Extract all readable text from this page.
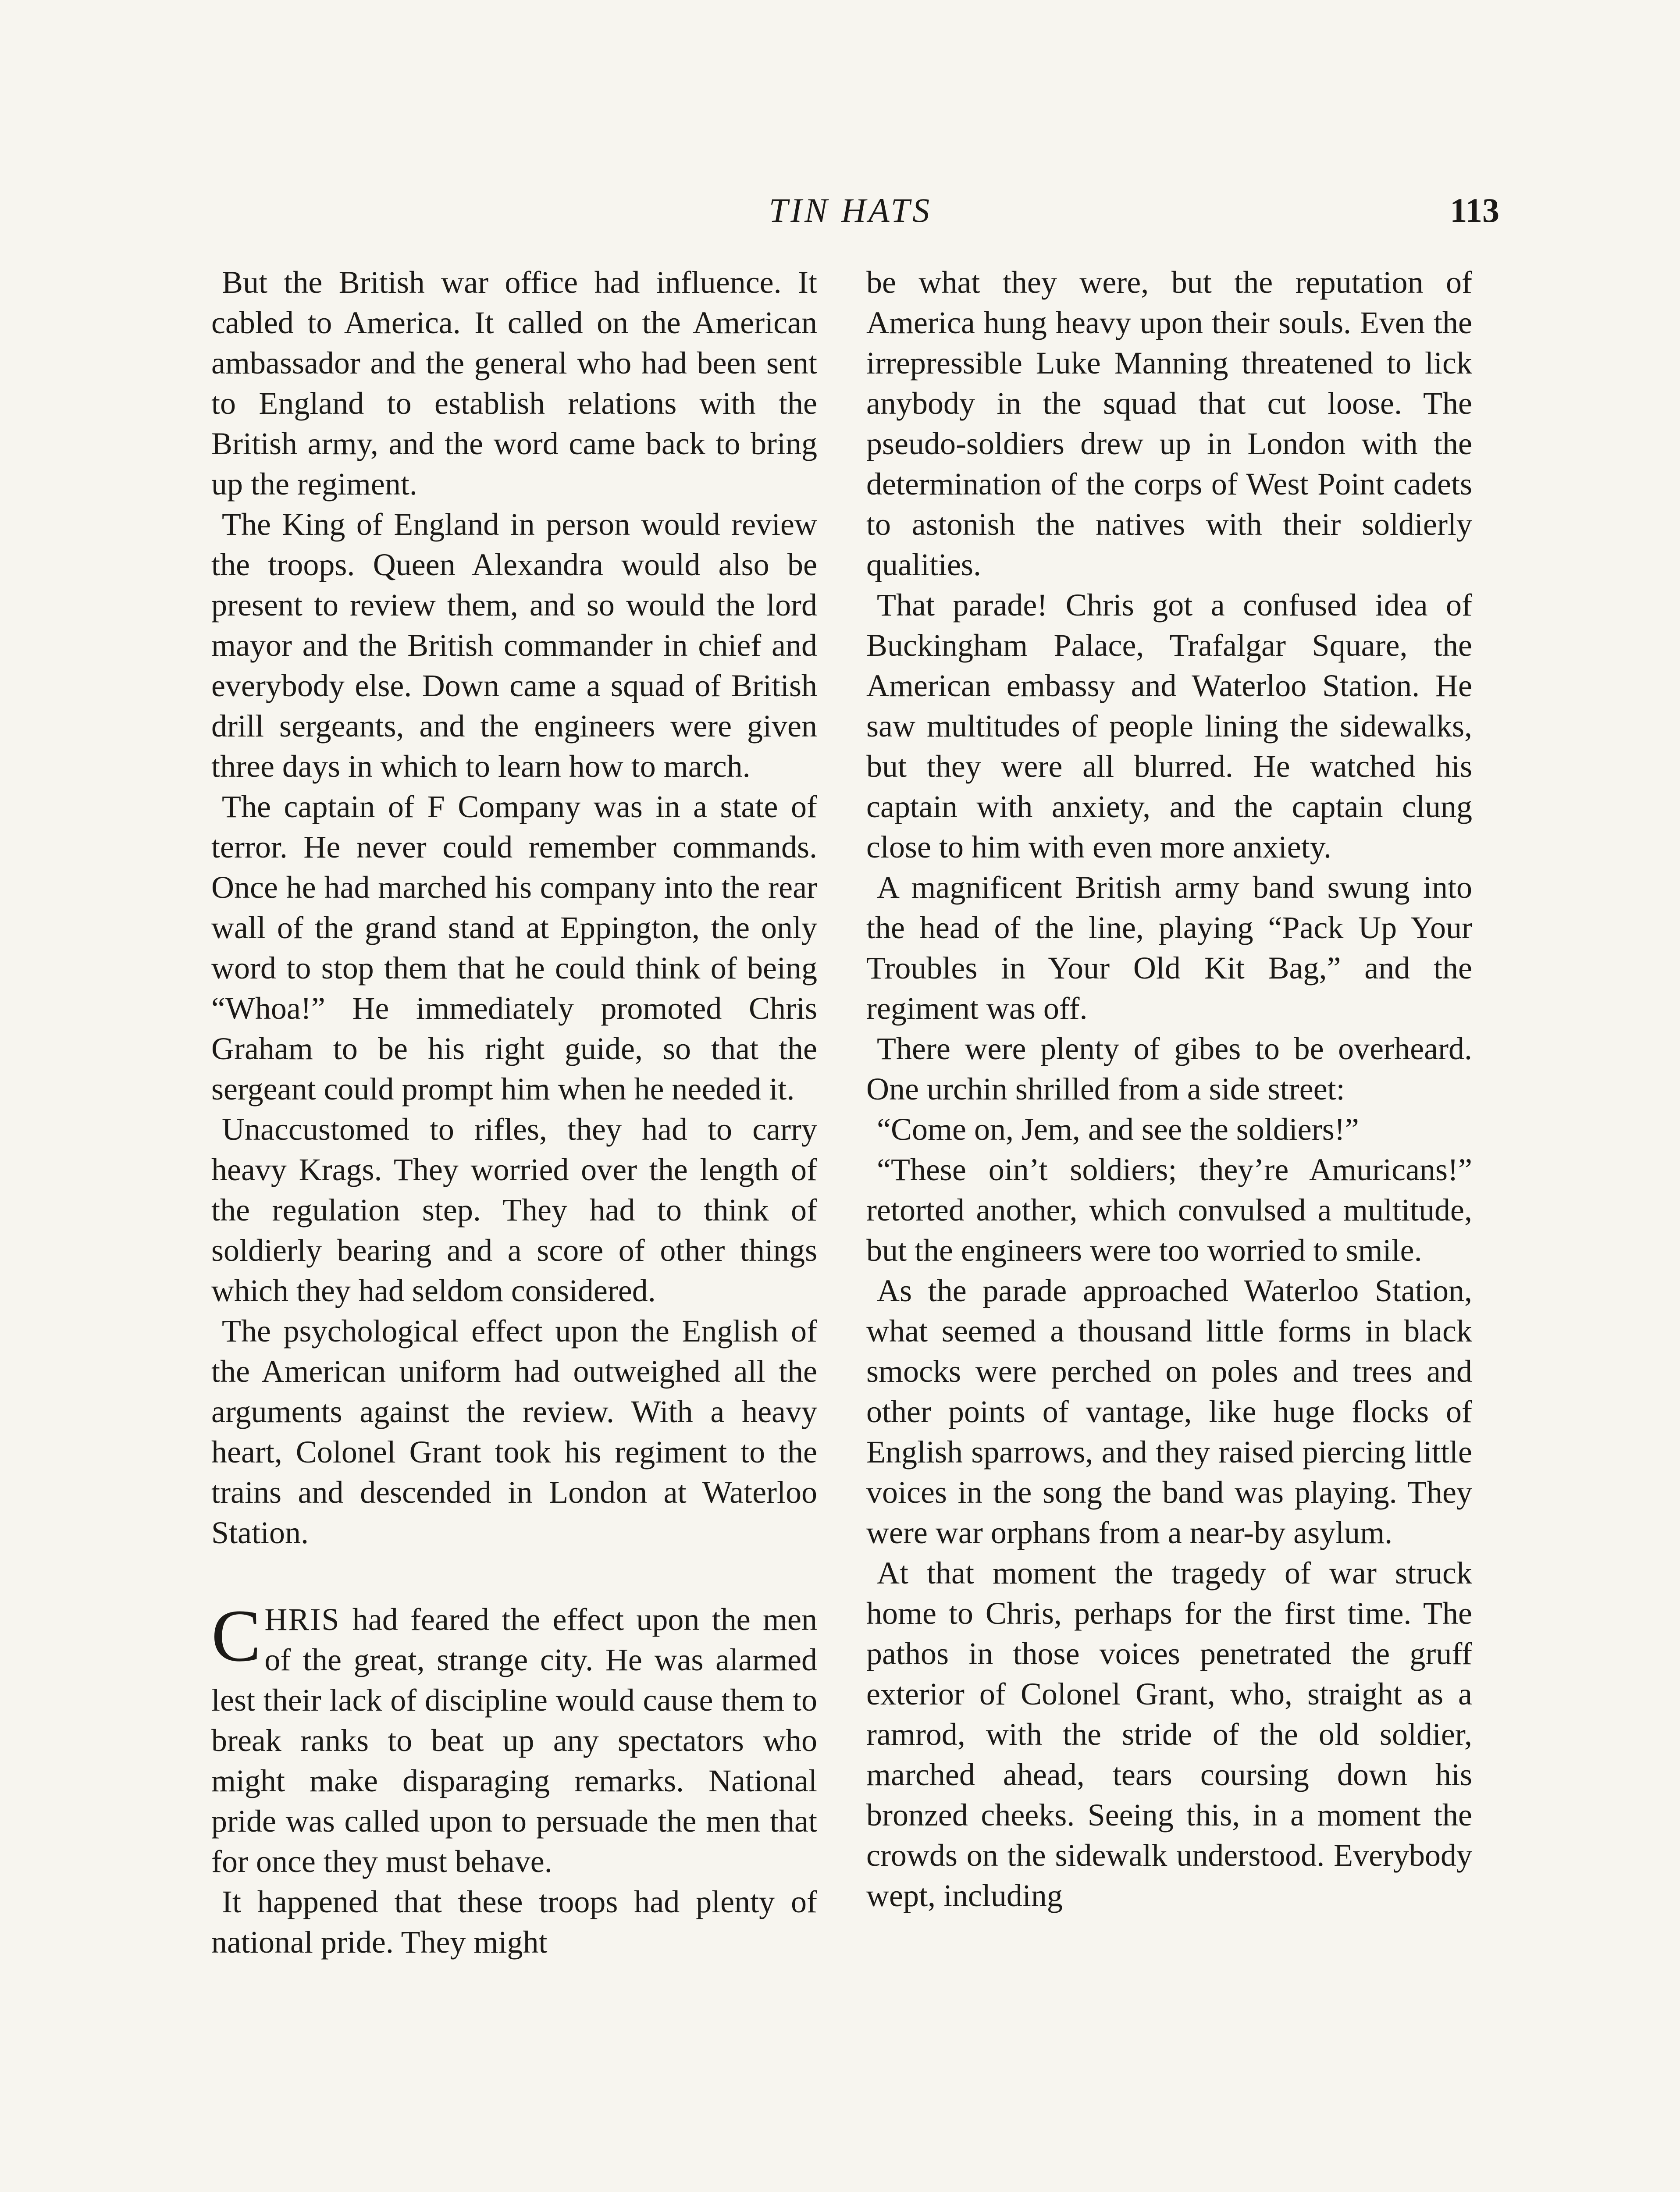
TIN HATS	113

But the British war office had influence. It cabled to America. It called on the American ambassador and the general who had been sent to England to establish relations with the British army, and the word came back to bring up the regiment.

The King of England in person would review the troops. Queen Alexandra would also be present to review them, and so would the lord mayor and the British commander in chief and everybody else. Down came a squad of British drill sergeants, and the engineers were given three days in which to learn how to march.

The captain of F Company was in a state of terror. He never could remember commands. Once he had marched his company into the rear wall of the grand stand at Eppington, the only word to stop them that he could think of being “Whoa!” He immediately promoted Chris Graham to be his right guide, so that the sergeant could prompt him when he needed it.

Unaccustomed to rifles, they had to carry heavy Krags. They worried over the length of the regulation step. They had to think of soldierly bearing and a score of other things which they had seldom considered.

The psychological effect upon the English of the American uniform had outweighed all the arguments against the review. With a heavy heart, Colonel Grant took his regiment to the trains and descended in London at Waterloo Station.

CHRIS had feared the effect upon the men of the great, strange city. He was alarmed lest their lack of discipline would cause them to break ranks to beat up any spectators who might make disparaging remarks. National pride was called upon to persuade the men that for once they must behave.

It happened that these troops had plenty of national pride. They might

be what they were, but the reputation of America hung heavy upon their souls. Even the irrepressible Luke Manning threatened to lick anybody in the squad that cut loose. The pseudo-soldiers drew up in London with the determination of the corps of West Point cadets to astonish the natives with their soldierly qualities.

That parade! Chris got a confused idea of Buckingham Palace, Trafalgar Square, the American embassy and Waterloo Station. He saw multitudes of people lining the sidewalks, but they were all blurred. He watched his captain with anxiety, and the captain clung close to him with even more anxiety.

A magnificent British army band swung into the head of the line, playing “Pack Up Your Troubles in Your Old Kit Bag,” and the regiment was off.

There were plenty of gibes to be overheard. One urchin shrilled from a side street:

“Come on, Jem, and see the soldiers!”

“These oin’t soldiers; they’re Amuricans!” retorted another, which convulsed a multitude, but the engineers were too worried to smile.

As the parade approached Waterloo Station, what seemed a thousand little forms in black smocks were perched on poles and trees and other points of vantage, like huge flocks of English sparrows, and they raised piercing little voices in the song the band was playing. They were war orphans from a near-by asylum.

At that moment the tragedy of war struck home to Chris, perhaps for the first time. The pathos in those voices penetrated the gruff exterior of Colonel Grant, who, straight as a ramrod, with the stride of the old soldier, marched ahead, tears coursing down his bronzed cheeks. Seeing this, in a moment the crowds on the sidewalk understood. Everybody wept, including
